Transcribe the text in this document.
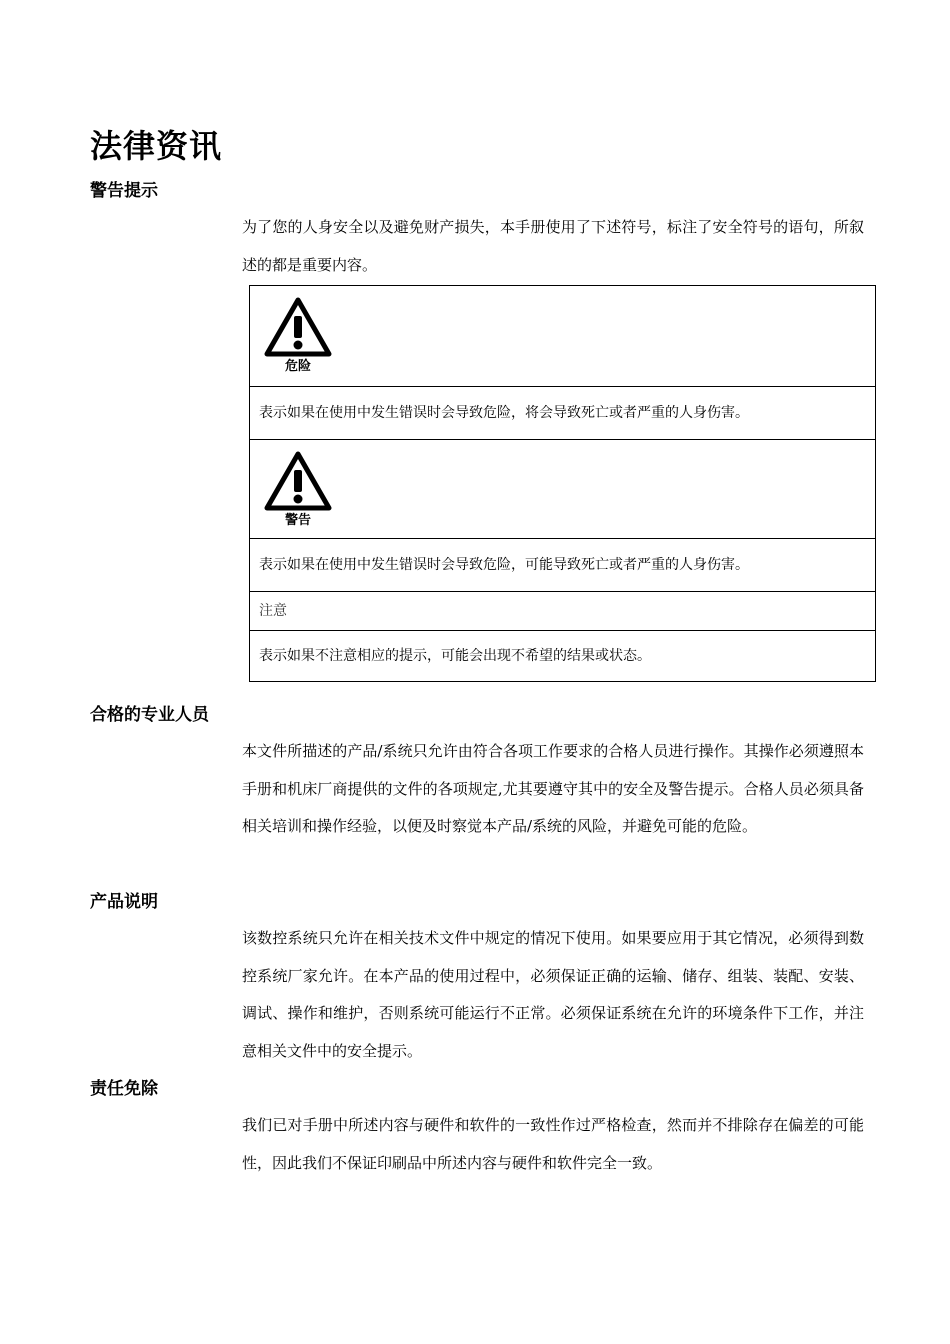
法律资讯
警告提示

为了您的人身安全以及避免财产损失，本手册使用了下述符号，标注了安全符号的语句，所叙述的都是重要内容。

危险
表示如果在使用中发生错误时会导致危险，将会导致死亡或者严重的人身伤害。
警告
表示如果在使用中发生错误时会导致危险，可能导致死亡或者严重的人身伤害。
注意
表示如果不注意相应的提示，可能会出现不希望的结果或状态。
合格的专业人员

本文件所描述的产品/系统只允许由符合各项工作要求的合格人员进行操作。其操作必须遵照本手册和机床厂商提供的文件的各项规定,尤其要遵守其中的安全及警告提示。合格人员必须具备相关培训和操作经验，以便及时察觉本产品/系统的风险，并避免可能的危险。

产品说明

该数控系统只允许在相关技术文件中规定的情况下使用。如果要应用于其它情况，必须得到数控系统厂家允许。在本产品的使用过程中，必须保证正确的运输、储存、组装、装配、安装、调试、操作和维护，否则系统可能运行不正常。必须保证系统在允许的环境条件下工作，并注意相关文件中的安全提示。

责任免除

我们已对手册中所述内容与硬件和软件的一致性作过严格检查，然而并不排除存在偏差的可能性，因此我们不保证印刷品中所述内容与硬件和软件完全一致。
